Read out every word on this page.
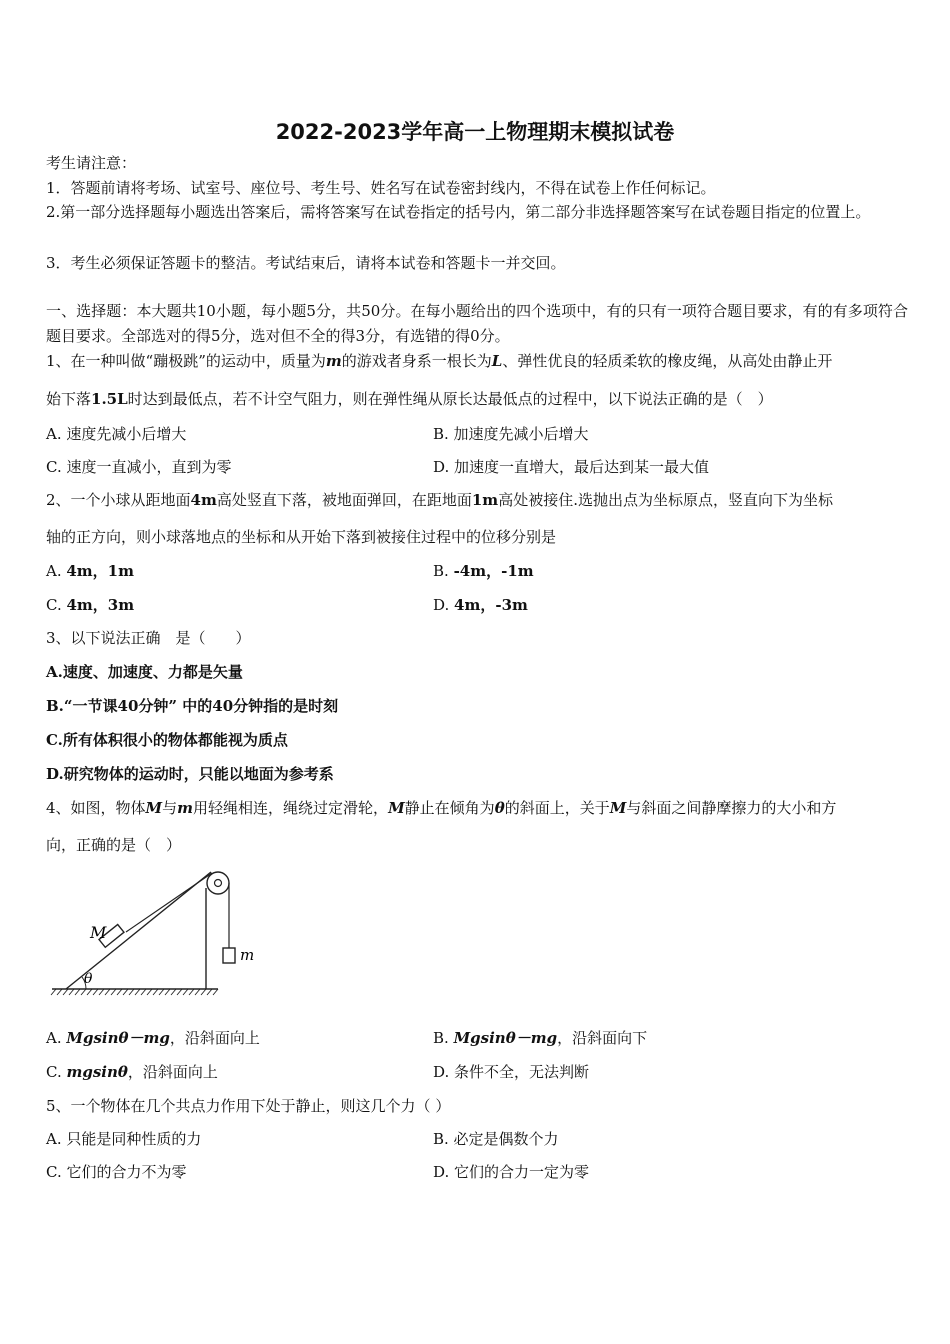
2022-2023学年高一上物理期末模拟试卷
考生请注意：
1．答题前请将考场、试室号、座位号、考生号、姓名写在试卷密封线内，不得在试卷上作任何标记。
2.第一部分选择题每小题选出答案后，需将答案写在试卷指定的括号内，第二部分非选择题答案写在试卷题目指定的位置上。
3．考生必须保证答题卡的整洁。考试结束后，请将本试卷和答题卡一并交回。
一、选择题：本大题共10小题，每小题5分，共50分。在每小题给出的四个选项中，有的只有一项符合题目要求，有的有多项符合题目要求。全部选对的得5分，选对但不全的得3分，有选错的得0分。
1、在一种叫做“蹦极跳”的运动中，质量为m的游戏者身系一根长为L、弹性优良的轻质柔软的橡皮绳，从高处由静止开
始下落1.5L时达到最低点，若不计空气阻力，则在弹性绳从原长达最低点的过程中，以下说法正确的是（　）
A. 速度先减小后增大	B. 加速度先减小后增大
C. 速度一直减小，直到为零	D. 加速度一直增大，最后达到某一最大值
2、一个小球从距地面4m高处竖直下落，被地面弹回，在距地面1m高处被接住.选抛出点为坐标原点，竖直向下为坐标
轴的正方向，则小球落地点的坐标和从开始下落到被接住过程中的位移分别是
A. 4m，1m	B. -4m，-1m
C. 4m，3m	D. 4m，-3m
3、以下说法正确　是（　　）
A.速度、加速度、力都是矢量
B.“一节课40分钟” 中的40分钟指的是时刻
C.所有体积很小的物体都能视为质点
D.研究物体的运动时，只能以地面为参考系
4、如图，物体M与m用轻绳相连，绳绕过定滑轮，M静止在倾角为θ的斜面上，关于M与斜面之间静摩擦力的大小和方
向，正确的是（　）
θ
M
m
A. Mgsinθ－mg，沿斜面向上	B. Mgsinθ－mg，沿斜面向下
C. mgsinθ，沿斜面向上	D. 条件不全，无法判断
5、一个物体在几个共点力作用下处于静止，则这几个力（ ）
A. 只能是同种性质的力	B. 必定是偶数个力
C. 它们的合力不为零	D. 它们的合力一定为零
